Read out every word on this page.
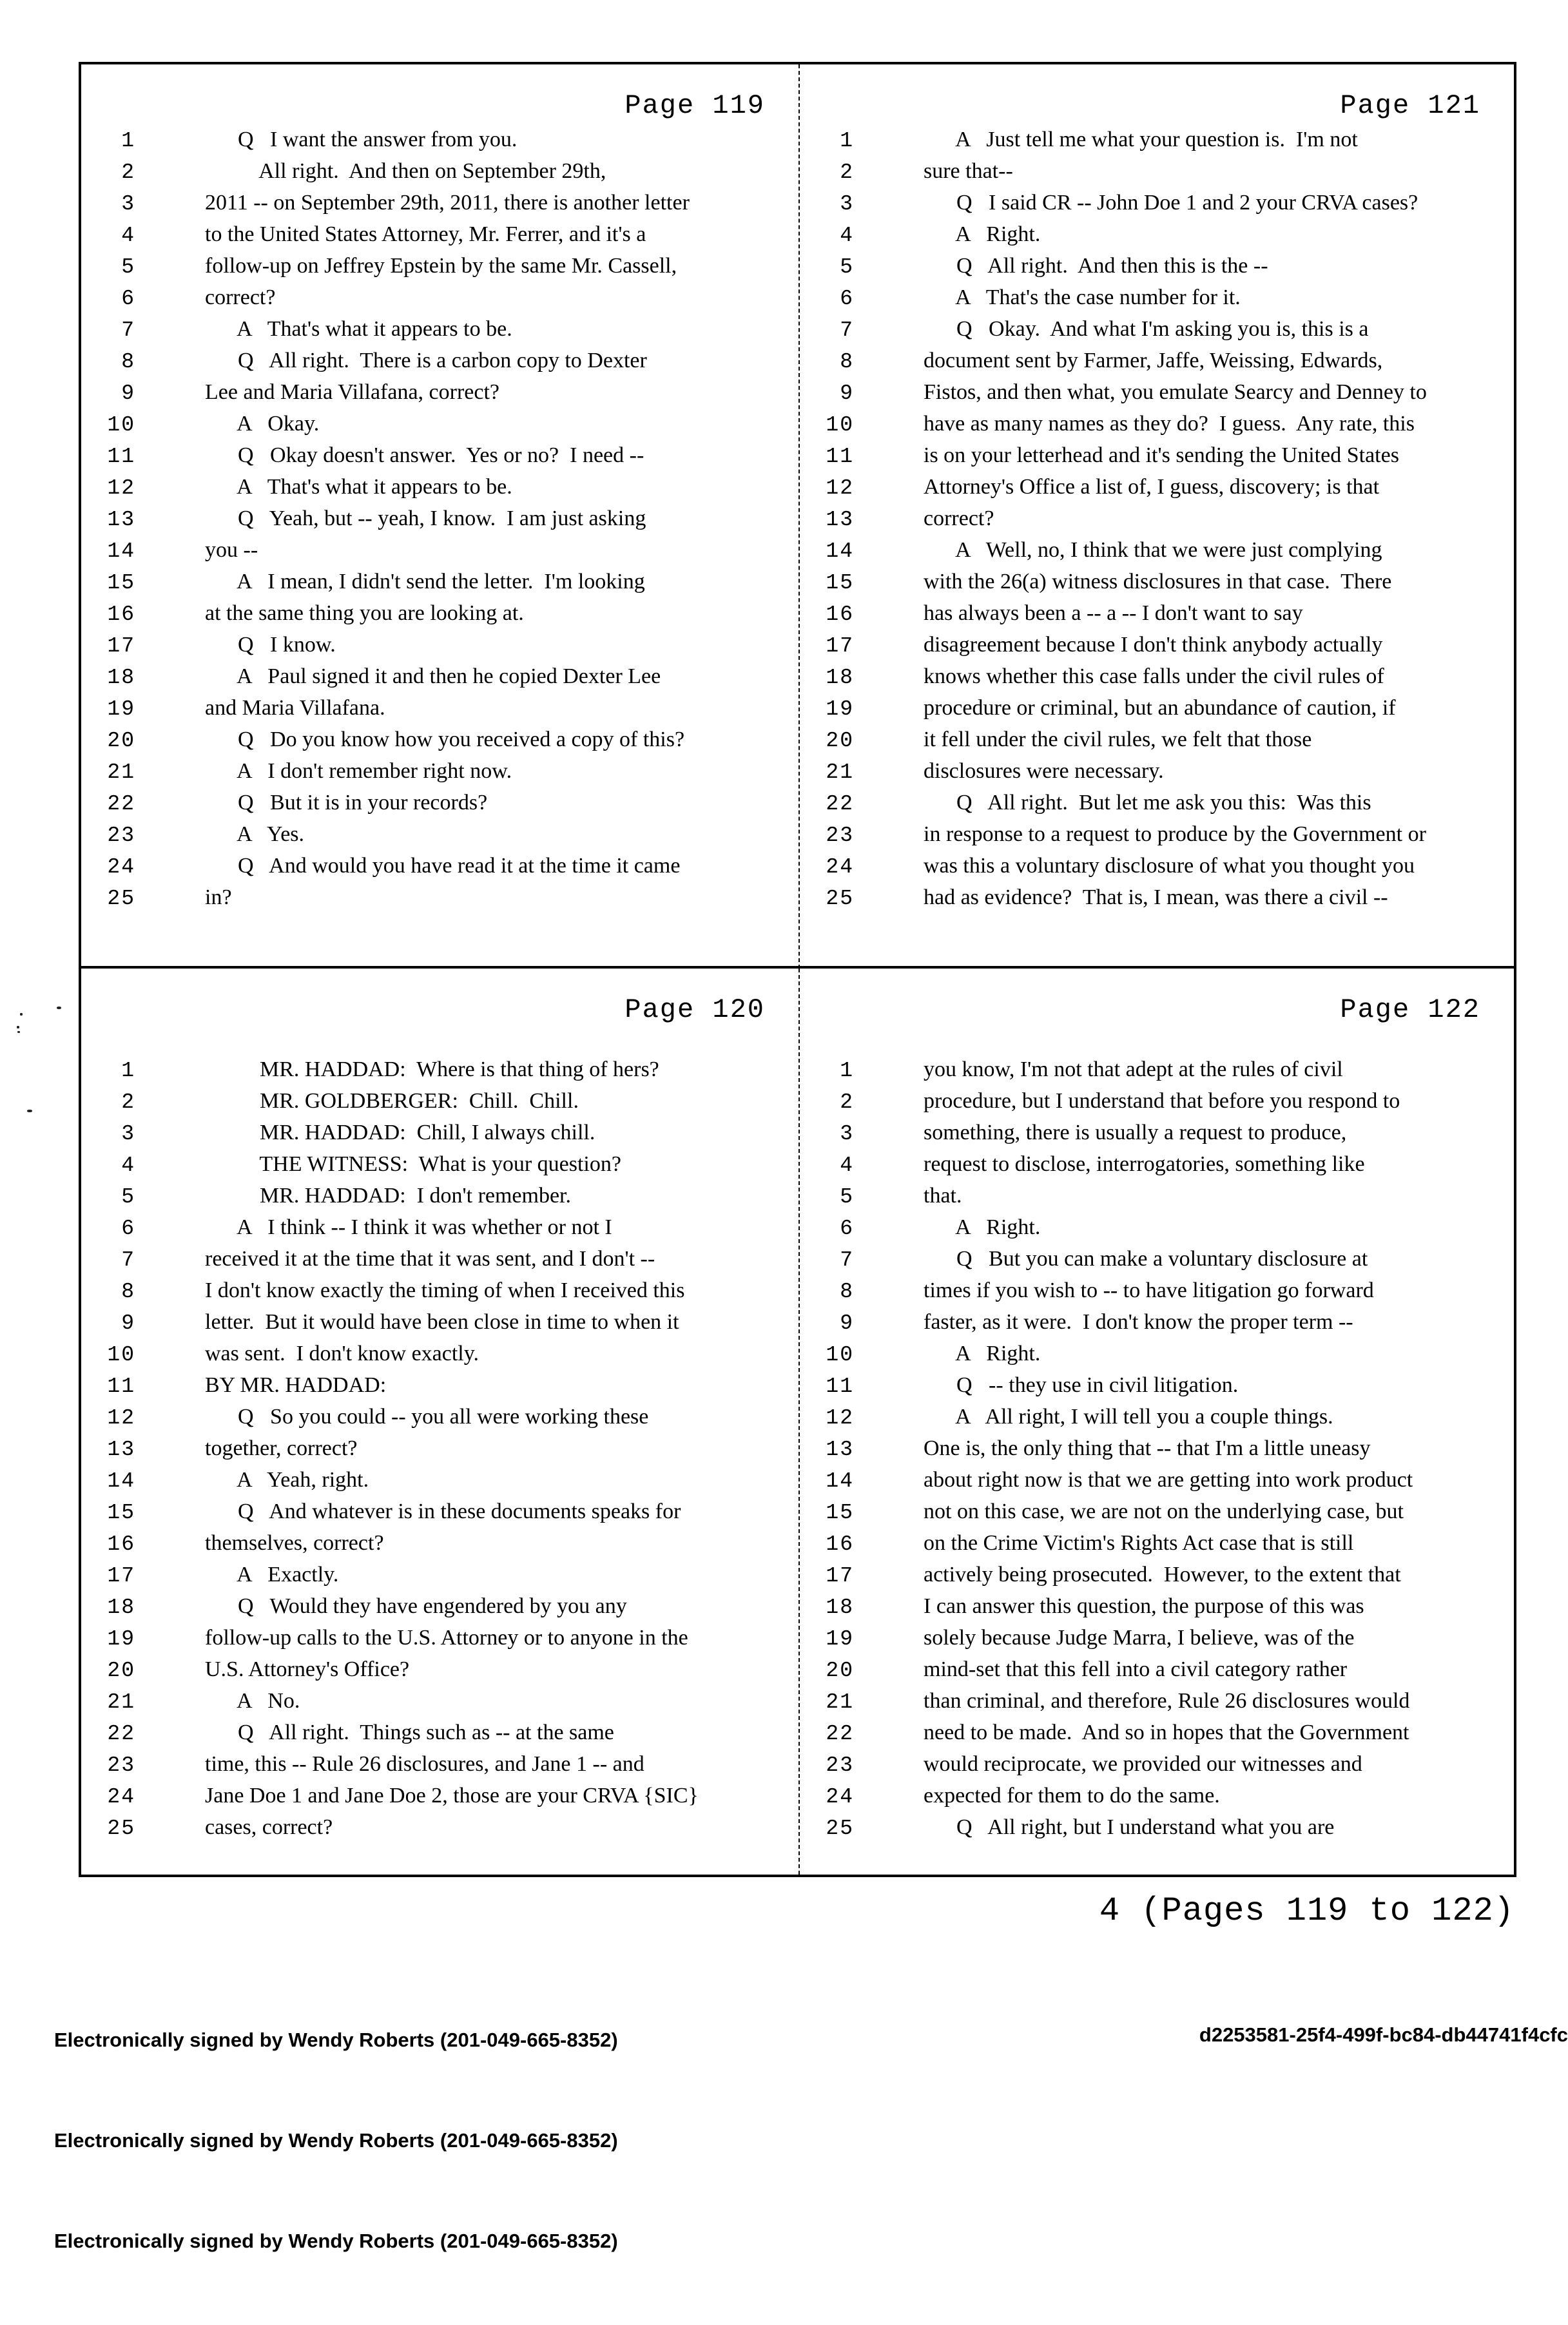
Page 119
1	Q   I want the answer from you.
2	All right.  And then on September 29th,
3	2011 -- on September 29th, 2011, there is another letter
4	to the United States Attorney, Mr. Ferrer, and it's a
5	follow-up on Jeffrey Epstein by the same Mr. Cassell,
6	correct?
7	A   That's what it appears to be.
8	Q   All right.  There is a carbon copy to Dexter
9	Lee and Maria Villafana, correct?
10	A   Okay.
11	Q   Okay doesn't answer.  Yes or no?  I need --
12	A   That's what it appears to be.
13	Q   Yeah, but -- yeah, I know.  I am just asking
14	you --
15	A   I mean, I didn't send the letter.  I'm looking
16	at the same thing you are looking at.
17	Q   I know.
18	A   Paul signed it and then he copied Dexter Lee
19	and Maria Villafana.
20	Q   Do you know how you received a copy of this?
21	A   I don't remember right now.
22	Q   But it is in your records?
23	A   Yes.
24	Q   And would you have read it at the time it came
25	in?
Page 121
1	A   Just tell me what your question is.  I'm not
2	sure that--
3	Q   I said CR -- John Doe 1 and 2 your CRVA cases?
4	A   Right.
5	Q   All right.  And then this is the --
6	A   That's the case number for it.
7	Q   Okay.  And what I'm asking you is, this is a
8	document sent by Farmer, Jaffe, Weissing, Edwards,
9	Fistos, and then what, you emulate Searcy and Denney to
10	have as many names as they do?  I guess.  Any rate, this
11	is on your letterhead and it's sending the United States
12	Attorney's Office a list of, I guess, discovery; is that
13	correct?
14	A   Well, no, I think that we were just complying
15	with the 26(a) witness disclosures in that case.  There
16	has always been a -- a -- I don't want to say
17	disagreement because I don't think anybody actually
18	knows whether this case falls under the civil rules of
19	procedure or criminal, but an abundance of caution, if
20	it fell under the civil rules, we felt that those
21	disclosures were necessary.
22	Q   All right.  But let me ask you this:  Was this
23	in response to a request to produce by the Government or
24	was this a voluntary disclosure of what you thought you
25	had as evidence?  That is, I mean, was there a civil --
Page 120
1	MR. HADDAD:  Where is that thing of hers?
2	MR. GOLDBERGER:  Chill.  Chill.
3	MR. HADDAD:  Chill, I always chill.
4	THE WITNESS:  What is your question?
5	MR. HADDAD:  I don't remember.
6	A   I think -- I think it was whether or not I
7	received it at the time that it was sent, and I don't --
8	I don't know exactly the timing of when I received this
9	letter.  But it would have been close in time to when it
10	was sent.  I don't know exactly.
11	BY MR. HADDAD:
12	Q   So you could -- you all were working these
13	together, correct?
14	A   Yeah, right.
15	Q   And whatever is in these documents speaks for
16	themselves, correct?
17	A   Exactly.
18	Q   Would they have engendered by you any
19	follow-up calls to the U.S. Attorney or to anyone in the
20	U.S. Attorney's Office?
21	A   No.
22	Q   All right.  Things such as -- at the same
23	time, this -- Rule 26 disclosures, and Jane 1 -- and
24	Jane Doe 1 and Jane Doe 2, those are your CRVA {SIC}
25	cases, correct?
Page 122
1	you know, I'm not that adept at the rules of civil
2	procedure, but I understand that before you respond to
3	something, there is usually a request to produce,
4	request to disclose, interrogatories, something like
5	that.
6	A   Right.
7	Q   But you can make a voluntary disclosure at
8	times if you wish to -- to have litigation go forward
9	faster, as it were.  I don't know the proper term --
10	A   Right.
11	Q   -- they use in civil litigation.
12	A   All right, I will tell you a couple things.
13	One is, the only thing that -- that I'm a little uneasy
14	about right now is that we are getting into work product
15	not on this case, we are not on the underlying case, but
16	on the Crime Victim's Rights Act case that is still
17	actively being prosecuted.  However, to the extent that
18	I can answer this question, the purpose of this was
19	solely because Judge Marra, I believe, was of the
20	mind-set that this fell into a civil category rather
21	than criminal, and therefore, Rule 26 disclosures would
22	need to be made.  And so in hopes that the Government
23	would reciprocate, we provided our witnesses and
24	expected for them to do the same.
25	Q   All right, but I understand what you are
4 (Pages 119 to 122)

Electronically signed by Wendy Roberts (201-049-665-8352)

Electronically signed by Wendy Roberts (201-049-665-8352)

Electronically signed by Wendy Roberts (201-049-665-8352)

d2253581-25f4-499f-bc84-db44741f4cfc
